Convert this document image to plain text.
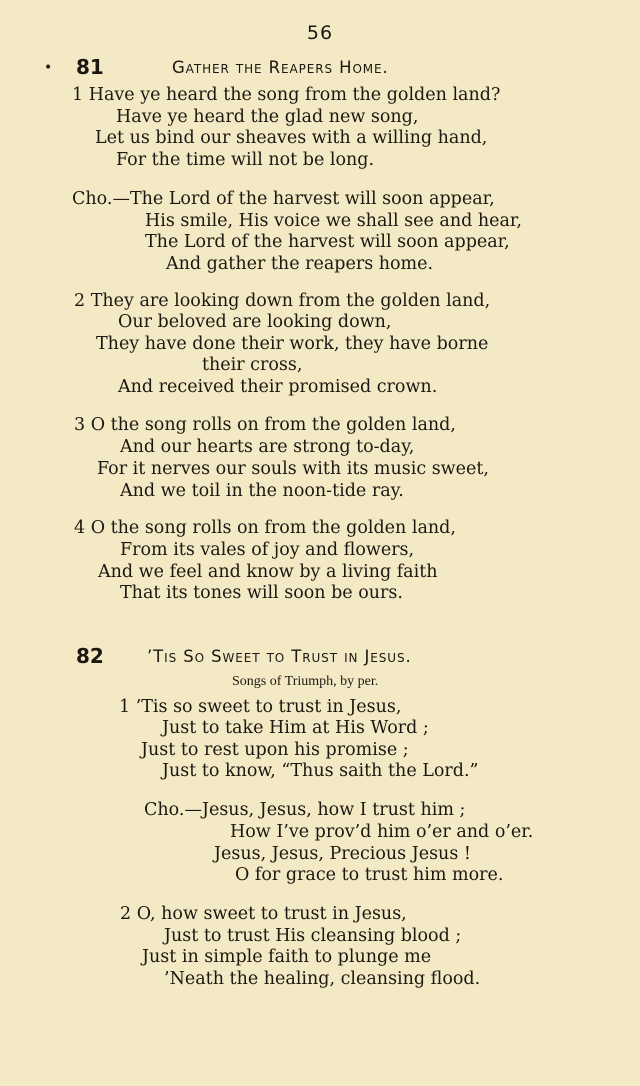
56
• 81	Gather the Reapers Home.
1 Have ye heard the song from the golden land?
Have ye heard the glad new song,
Let us bind our sheaves with a willing hand,
For the time will not be long.
Cho.—The Lord of the harvest will soon appear,
His smile, His voice we shall see and hear,
The Lord of the harvest will soon appear,
And gather the reapers home.
2 They are looking down from the golden land,
Our beloved are looking down,
They have done their work, they have borne
their cross,
And received their promised crown.
3 O the song rolls on from the golden land,
And our hearts are strong to-day,
For it nerves our souls with its music sweet,
And we toil in the noon-tide ray.
4 O the song rolls on from the golden land,
From its vales of joy and flowers,
And we feel and know by a living faith
That its tones will soon be ours.
82	’Tis So Sweet to Trust in Jesus.
Songs of Triumph, by per.
1 ’Tis so sweet to trust in Jesus,
Just to take Him at His Word ;
Just to rest upon his promise ;
Just to know, “Thus saith the Lord.”
Cho.—Jesus, Jesus, how I trust him ;
How I’ve prov’d him o’er and o’er.
Jesus, Jesus, Precious Jesus !
O for grace to trust him more.
2 O, how sweet to trust in Jesus,
Just to trust His cleansing blood ;
Just in simple faith to plunge me
’Neath the healing, cleansing flood.
